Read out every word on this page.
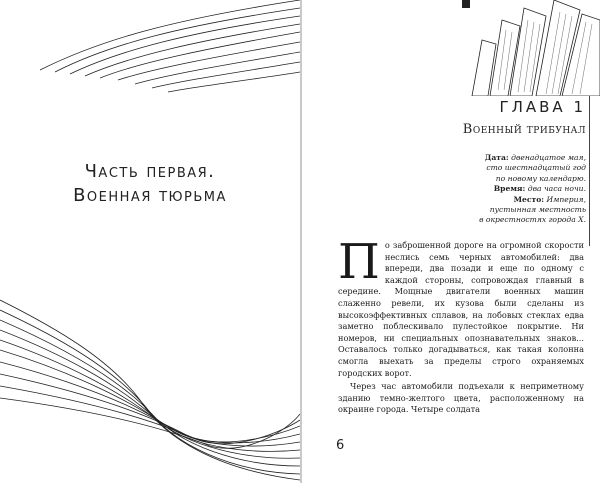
Часть первая.
Военная тюрьма
ГЛАВА 1
Военный трибунал
Дата: двенадцатое мая,
сто шестнадцатый год
по новому календарю.
Время: два часа ночи.
Место: Империя,
пустынная местность
в окрестностях города Х.

По заброшенной дороге на огромной скорости неслись семь черных автомобилей: два впереди, два позади и еще по одному с каждой стороны, сопровождая главный в середине. Мощные двигатели военных машин слаженно ревели, их кузова были сделаны из высокоэффективных сплавов, на лобовых стеклах едва заметно поблескивало пулестойкое покрытие. Ни номеров, ни специальных опознавательных знаков... Оставалось только догадываться, как такая колонна смогла выехать за пределы строго охраняемых городских ворот.

Через час автомобили подъехали к неприметному зданию темно-желтого цвета, расположенному на окраине города. Четыре солдата

6
